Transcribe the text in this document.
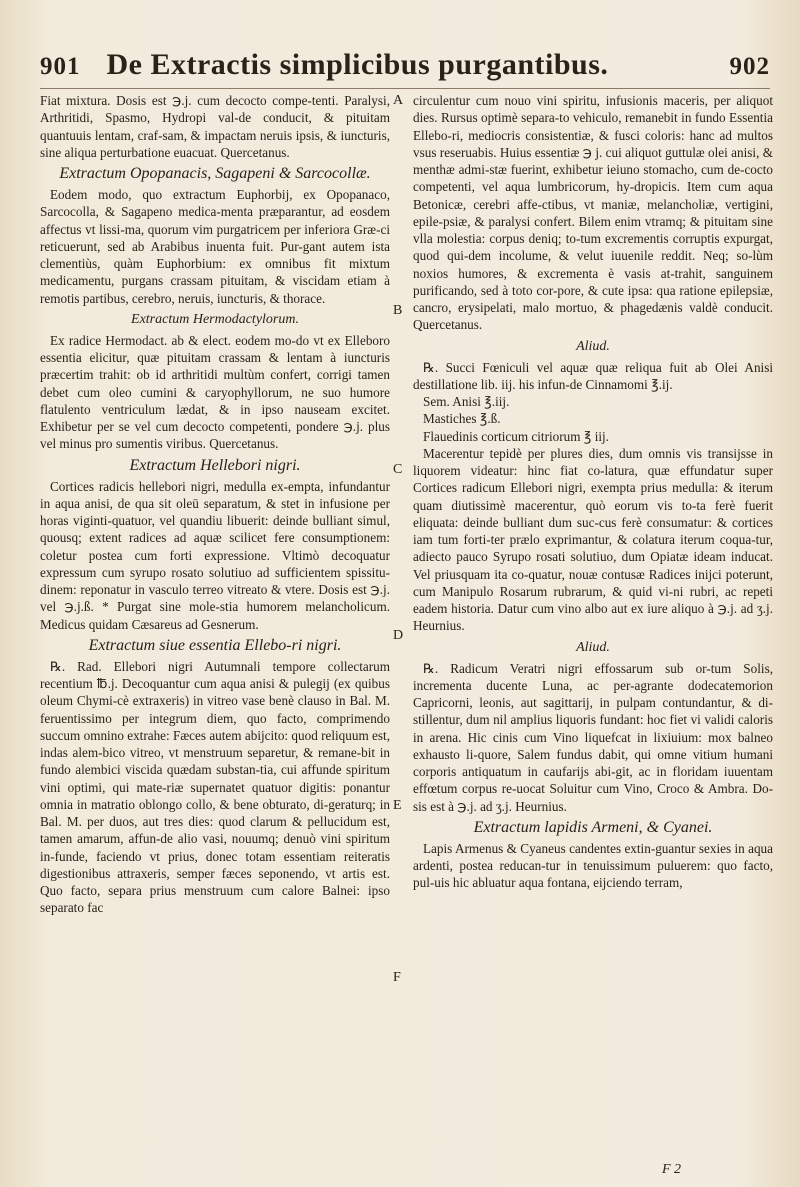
901 De Extractis simplicibus purgantibus.	902
A
B
C
D
E
F

Fiat mixtura. Dosis est ℈.j. cum decocto compe-tenti. Paralysi, Arthritidi, Spasmo, Hydropi val-de conducit, & pituitam quantuuis lentam, craf-sam, & impactam neruis ipsis, & iuncturis, sine aliqua perturbatione euacuat. Quercetanus.

Extractum Opopanacis, Sagapeni & Sarcocollæ.

Eodem modo, quo extractum Euphorbij, ex Opopanaco, Sarcocolla, & Sagapeno medica-menta præparantur, ad eosdem affectus vt lissi-ma, quorum vim purgatricem per inferiora Græ-ci reticuerunt, sed ab Arabibus inuenta fuit. Pur-gant autem ista clementiùs, quàm Euphorbium: ex omnibus fit mixtum medicamentu, purgans crassam pituitam, & viscidam etiam à remotis partibus, cerebro, neruis, iuncturis, & thorace.

Extractum Hermodactylorum.

Ex radice Hermodact. ab & elect. eodem mo-do vt ex Elleboro essentia elicitur, quæ pituitam crassam & lentam à iuncturis præcertim trahit: ob id arthritidi multùm confert, corrigi tamen debet cum oleo cumini & caryophyllorum, ne suo humore flatulento ventriculum lædat, & in ipso nauseam excitet. Exhibetur per se vel cum decocto competenti, pondere ℈.j. plus vel minus pro sumentis viribus. Quercetanus.

Extractum Hellebori nigri.

Cortices radicis hellebori nigri, medulla ex-empta, infundantur in aqua anisi, de qua sit oleū separatum, & stet in infusione per horas viginti-quatuor, vel quandiu libuerit: deinde bulliant simul, quousq; extent radices ad aquæ scilicet fere consumptionem: coletur postea cum forti expressione. Vltimò decoquatur expressum cum syrupo rosato solutiuo ad sufficientem spissitu-dinem: reponatur in vasculo terreo vitreato & vtere. Dosis est ℈.j. vel ℈.j.ß. * Purgat sine mole-stia humorem melancholicum. Medicus quidam Cæsareus ad Gesnerum.

Extractum siue essentia Ellebo-ri nigri.

℞. Rad. Ellebori nigri Autumnali tempore collectarum recentium ℔.j. Decoquantur cum aqua anisi & pulegij (ex quibus oleum Chymi-cè extraxeris) in vitreo vase benè clauso in Bal. M. feruentissimo per integrum diem, quo facto, comprimendo succum omnino extrahe: Fæces autem abijcito: quod reliquum est, indas alem-bico vitreo, vt menstruum separetur, & remane-bit in fundo alembici viscida quædam substan-tia, cui affunde spiritum vini optimi, qui mate-riæ supernatet quatuor digitis: ponantur omnia in matratio oblongo collo, & bene obturato, di-geraturq; in Bal. M. per duos, aut tres dies: quod clarum & pellucidum est, tamen amarum, affun-de alio vasi, nouumq; denuò vini spiritum in-funde, faciendo vt prius, donec totam essentiam reiteratis digestionibus attraxeris, semper fæces seponendo, vt artis est. Quo facto, separa prius menstruum cum calore Balnei: ipso separato fac

circulentur cum nouo vini spiritu, infusionis maceris, per aliquot dies. Rursus optimè separa-to vehiculo, remanebit in fundo Essentia Ellebo-ri, mediocris consistentiæ, & fusci coloris: hanc ad multos vsus reseruabis. Huius essentiæ ℈ j. cui aliquot guttulæ olei anisi, & menthæ admi-stæ fuerint, exhibetur ieiuno stomacho, cum de-cocto competenti, vel aqua lumbricorum, hy-dropicis. Item cum aqua Betonicæ, cerebri affe-ctibus, vt maniæ, melancholiæ, vertigini, epile-psiæ, & paralysi confert. Bilem enim vtramq; & pituitam sine vlla molestia: corpus deniq; to-tum excrementis corruptis expurgat, quod qui-dem incolume, & velut iuuenile reddit. Neq; so-lùm noxios humores, & excrementa è vasis at-trahit, sanguinem purificando, sed à toto cor-pore, & cute ipsa: qua ratione epilepsiæ, cancro, erysipelati, malo mortuo, & phagedænis valdè conducit. Quercetanus.

Aliud.

℞. Succi Fœniculi vel aquæ quæ reliqua fuit ab Olei Anisi destillatione lib. iij. his infun-de Cinnamomi ℥.ij.

Sem. Anisi ℥.iij.

Mastiches ℥.ß.

Flauedinis corticum citriorum ℥ iij.

Macerentur tepidè per plures dies, dum omnis vis transijsse in liquorem videatur: hinc fiat co-latura, quæ effundatur super Cortices radicum Ellebori nigri, exempta prius medulla: & iterum quam diutissimè macerentur, quò eorum vis to-ta ferè fuerit eliquata: deinde bulliant dum suc-cus ferè consumatur: & cortices iam tum forti-ter prælo exprimantur, & colatura iterum coqua-tur, adiecto pauco Syrupo rosati solutiuo, dum Opiatæ ideam inducat. Vel priusquam ita co-quatur, nouæ contusæ Radices inijci poterunt, cum Manipulo Rosarum rubrarum, & quid vi-ni rubri, ac repeti eadem historia. Datur cum vino albo aut ex iure aliquo à ℈.j. ad ʒ.j. Heurnius.

Aliud.

℞. Radicum Veratri nigri effossarum sub or-tum Solis, incrementa ducente Luna, ac per-agrante dodecatemorion Capricorni, leonis, aut sagittarij, in pulpam contundantur, & di-stillentur, dum nil amplius liquoris fundant: hoc fiet vi validi caloris in arena. Hic cinis cum Vino liquefcat in lixiuium: mox balneo exhausto li-quore, Salem fundus dabit, qui omne vitium humani corporis antiquatum in caufarijs abi-git, ac in floridam iuuentam effœtum corpus re-uocat Soluitur cum Vino, Croco & Ambra. Do-sis est à ℈.j. ad ʒ.j. Heurnius.

Extractum lapidis Armeni, & Cyanei.

Lapis Armenus & Cyaneus candentes extin-guantur sexies in aqua ardenti, postea reducan-tur in tenuissimum puluerem: quo facto, pul-uis hic abluatur aqua fontana, eijciendo terram,

F 2
